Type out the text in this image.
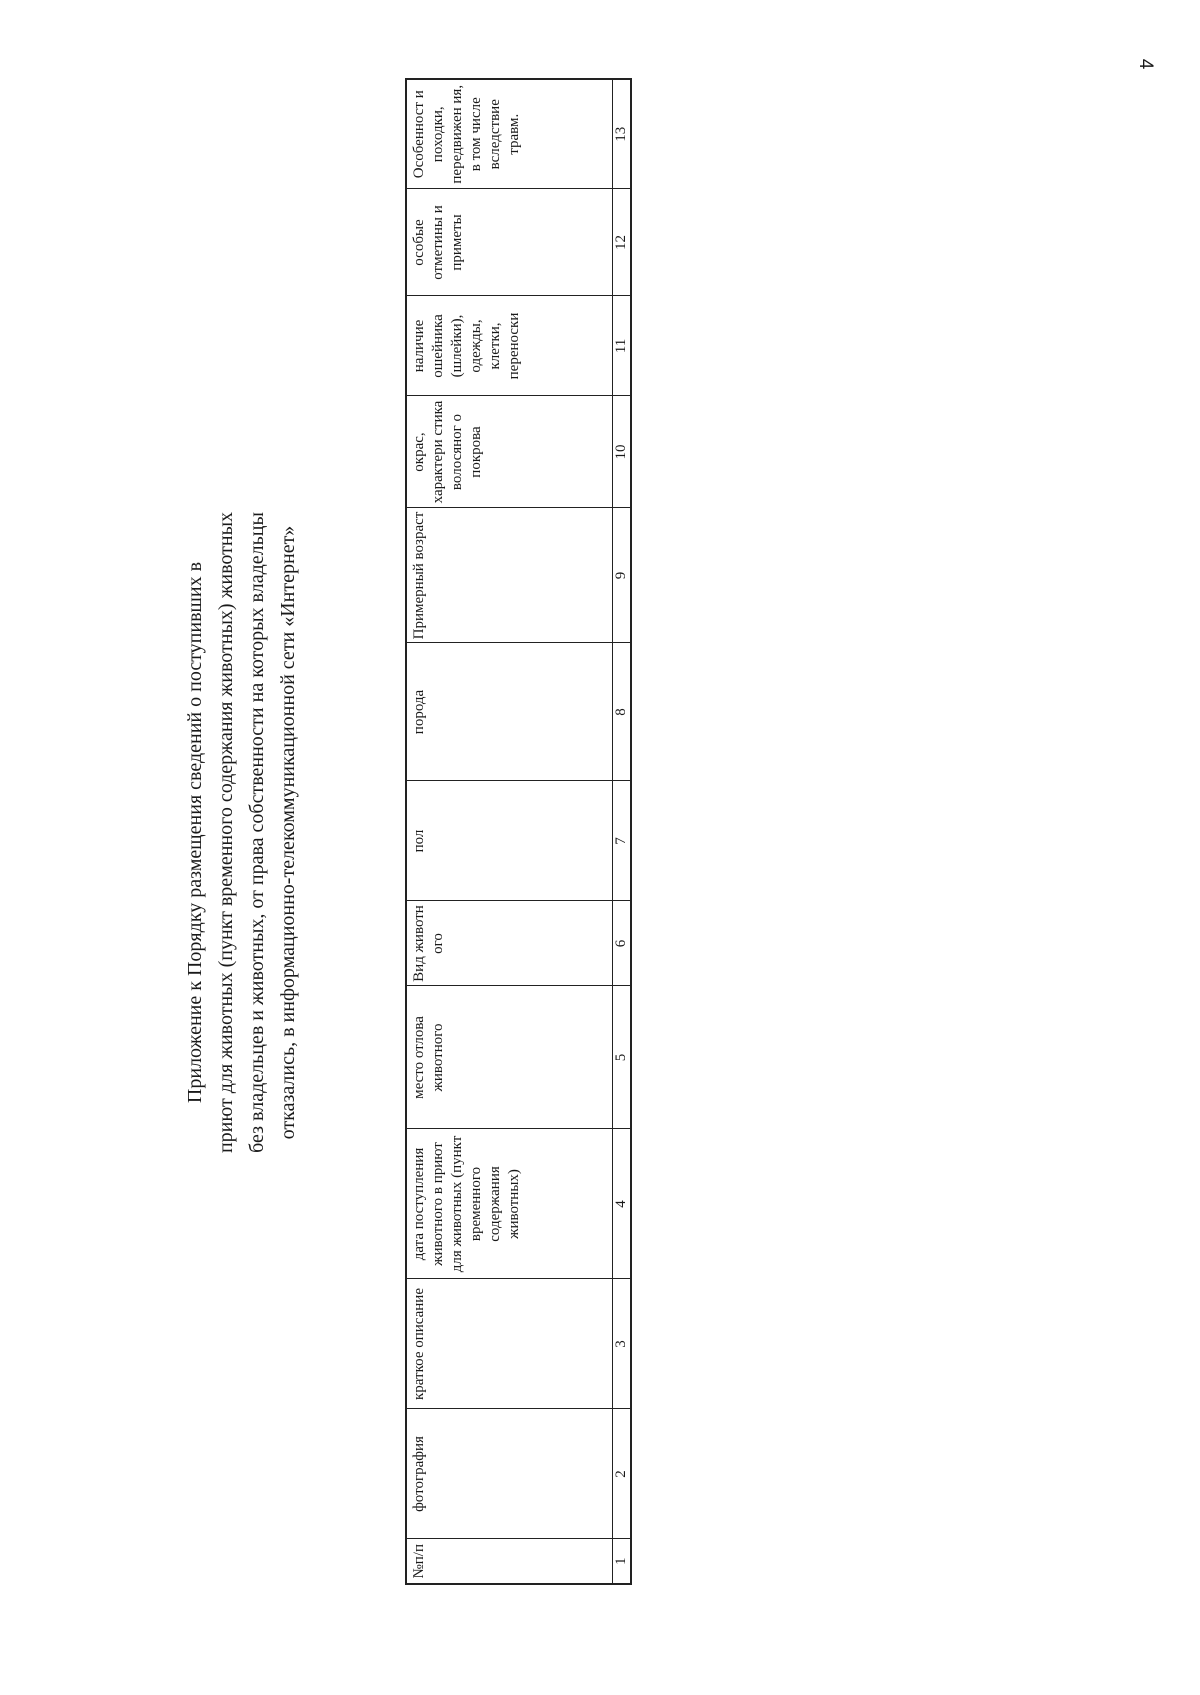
4
Приложение к Порядку размещения сведений о поступивших в приют для животных (пункт временного содержания животных) животных без владельцев и животных, от права собственности на которых владельцы отказались, в информационно-телекоммуникационной сети «Интернет»
№п/п	фотография	краткое описание	дата поступления животного в приют для животных (пункт временного содержания животных)	место отлова животного	Вид животн ого	пол	порода	Примерный возраст	окрас, характери стика волосяног о покрова	наличие ошейника (шлейки), одежды, клетки, переноски	особые отметины и приметы	Особенност и походки, передвижен ия, в том числе вследствие травм.
1	2	3	4	5	6	7	8	9	10	11	12	13
